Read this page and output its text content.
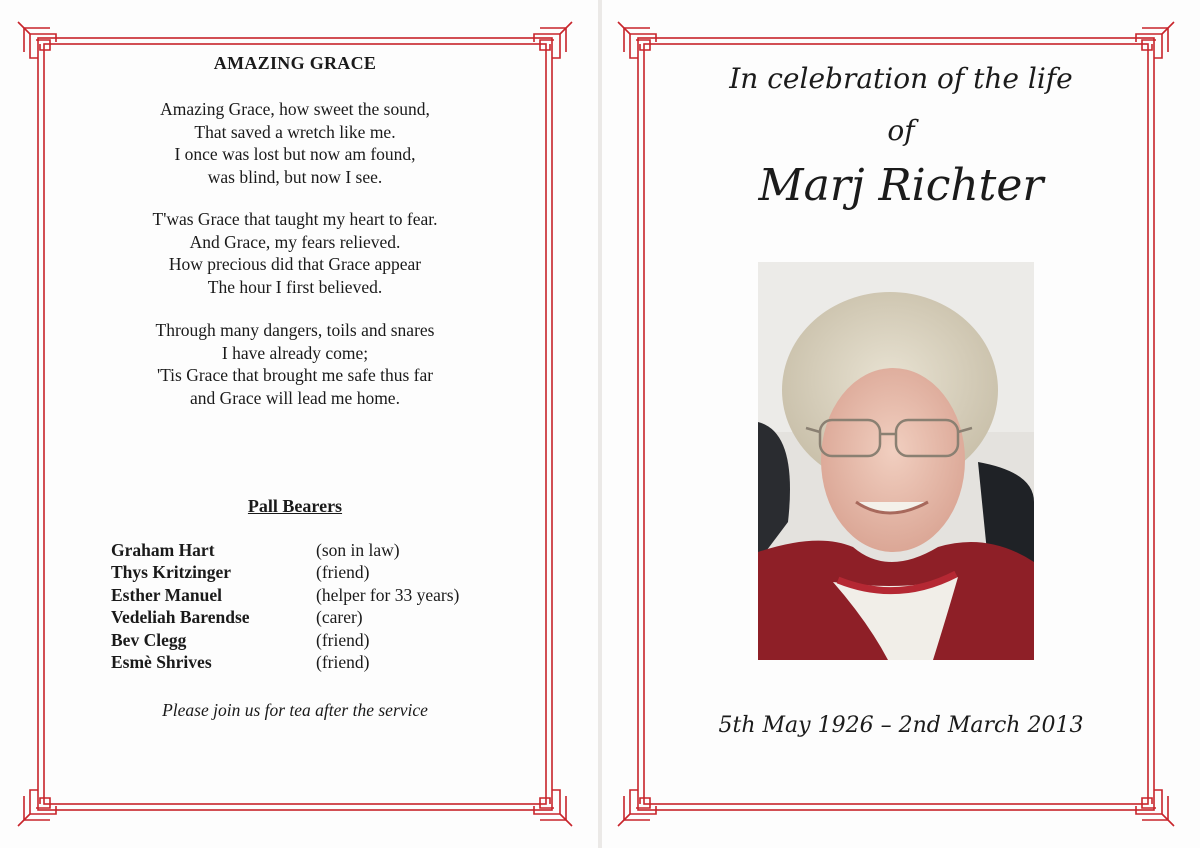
AMAZING GRACE
Amazing Grace, how sweet the sound,
That saved a wretch like me.
I once was lost but now am found,
was blind, but now I see.
T'was Grace that taught my heart to fear.
And Grace, my fears relieved.
How precious did that Grace appear
The hour I first believed.
Through many dangers, toils and snares
I have already come;
'Tis Grace that brought me safe thus far
and Grace will lead me home.
Pall Bearers
Graham Hart	(son in law)
Thys Kritzinger	(friend)
Esther Manuel	(helper for 33 years)
Vedeliah Barendse	(carer)
Bev Clegg	(friend)
Esmè Shrives	(friend)
Please join us for tea after the service
In celebration of the life
of
Marj Richter
5th May 1926 – 2nd March 2013
